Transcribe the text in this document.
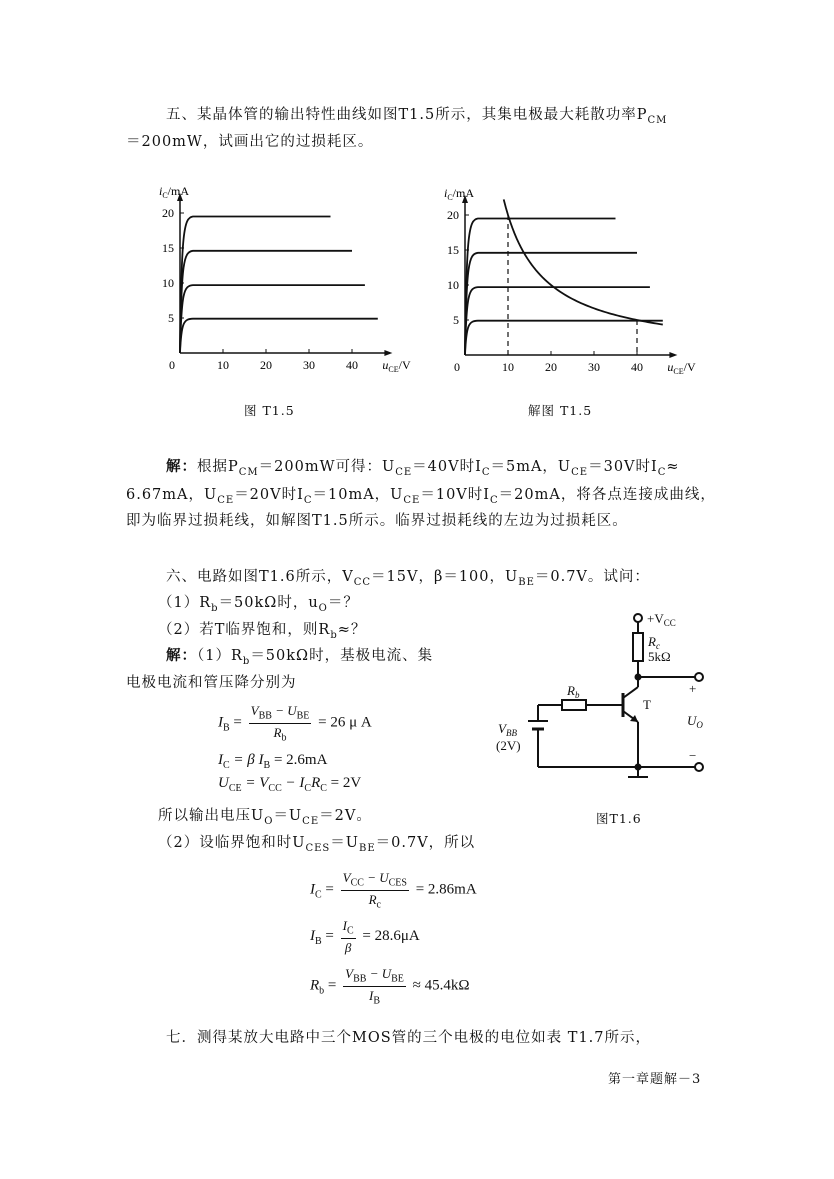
五、某晶体管的输出特性曲线如图T1.5所示，其集电极最大耗散功率$P_{CM}$
＝200mW，试画出它的过损耗区。
20
15
10
5
0	10	20	30	40
$i_C/mA$
$u_{CE}/V$
图 T1.5
20
15
10
5
0	10	20	30	40
$i_C/mA$
$u_{CE}/V$
解图 T1.5
解：根据$P_{CM}=200mW$可得：$U_{CE}=40V$时$I_C=5mA$，$U_{CE}=30V$时$I_C\approx$
6.67mA，$U_{CE}=20V$时$I_C=10mA$，$U_{CE}=10V$时$I_C=20mA$，将各点连接成曲线，
即为临界过损耗线，如解图T1.5所示。临界过损耗线的左边为过损耗区。
六、电路如图T1.6所示，$V_{CC}=15V$，β＝100，$U_{BE}=0.7V$。试问：
$(1)R_b=50k\Omega$时，$u_O=$？
（2）若T临界饱和，则$R_b\approx$？
解：$(1)R_b=50k\Omega$时，基极电流、集
电极电流和管压降分别为
$I_B = \frac{V_{BB} - U_{BE}}{R_b} = 26$ μ A
$I_C = \beta$ $I_B = 2.6mA$
$U_{CE} = V_{CC} - I_CR_C = 2V$
所以输出电压$U_O=U_{CE}=2V$。
（2）设临界饱和时$U_{CES}=U_{BE}=0.7V$，所以
$I_C = \frac{V_{CC} - U_{CES}}{R_c} = 2.86mA$
$I_B = \frac{I_C}{\beta} = 28.6\mu A$
$R_b = \frac{V_{BB} - U_{BE}}{I_B} \approx 45.4k\Omega$
$+V_{CC}$
$R_c$
5kΩ
$R_b$
T
$V_{BB}$
(2V)
+
−
$U_O$
图T1.6
七．测得某放大电路中三个MOS管的三个电极的电位如表 T1.7所示，
第一章题解－3
